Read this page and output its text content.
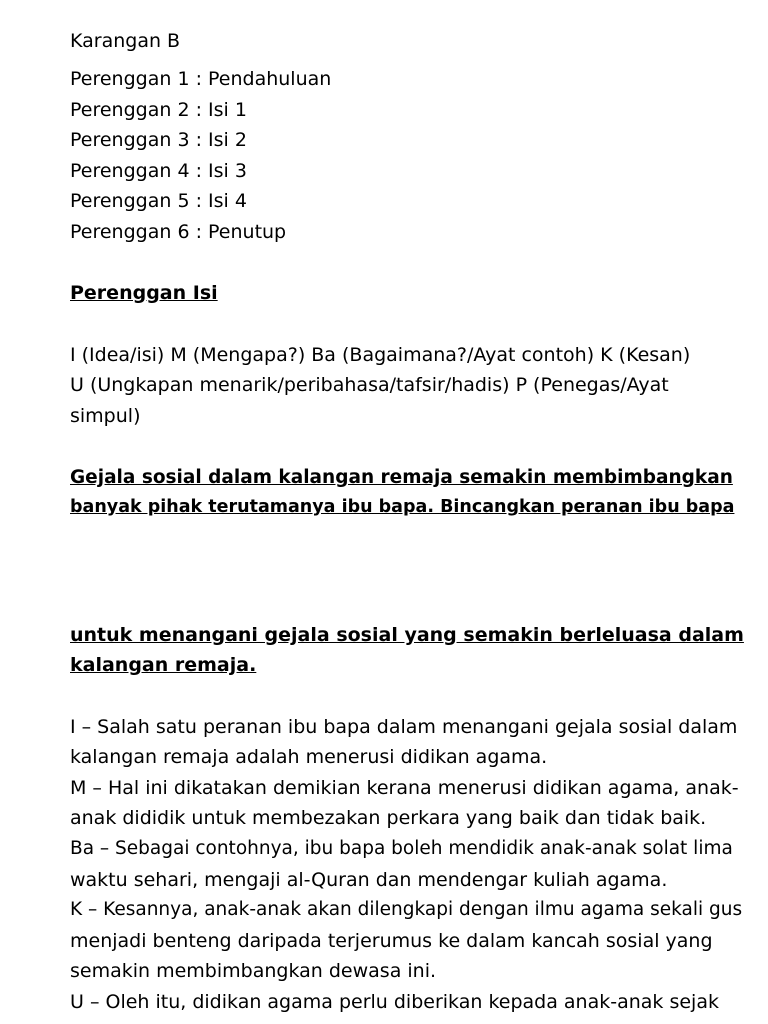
Karangan B
Perenggan 1 : Pendahuluan
Perenggan 2 : Isi 1
Perenggan 3 : Isi 2
Perenggan 4 : Isi 3
Perenggan 5 : Isi 4
Perenggan 6 : Penutup
Perenggan Isi
I (Idea/isi) M (Mengapa?) Ba (Bagaimana?/Ayat contoh) K (Kesan)
U (Ungkapan menarik/peribahasa/tafsir/hadis) P (Penegas/Ayat
simpul)
Gejala sosial dalam kalangan remaja semakin membimbangkan
banyak pihak terutamanya ibu bapa. Bincangkan peranan ibu bapa
untuk menangani gejala sosial yang semakin berleluasa dalam
kalangan remaja.
I – Salah satu peranan ibu bapa dalam menangani gejala sosial dalam
kalangan remaja adalah menerusi didikan agama.
M – Hal ini dikatakan demikian kerana menerusi didikan agama, anak-
anak dididik untuk membezakan perkara yang baik dan tidak baik.
Ba – Sebagai contohnya, ibu bapa boleh mendidik anak-anak solat lima
waktu sehari, mengaji al-Quran dan mendengar kuliah agama.
K – Kesannya, anak-anak akan dilengkapi dengan ilmu agama sekali gus
menjadi benteng daripada terjerumus ke dalam kancah sosial yang
semakin membimbangkan dewasa ini.
U – Oleh itu, didikan agama perlu diberikan kepada anak-anak sejak
